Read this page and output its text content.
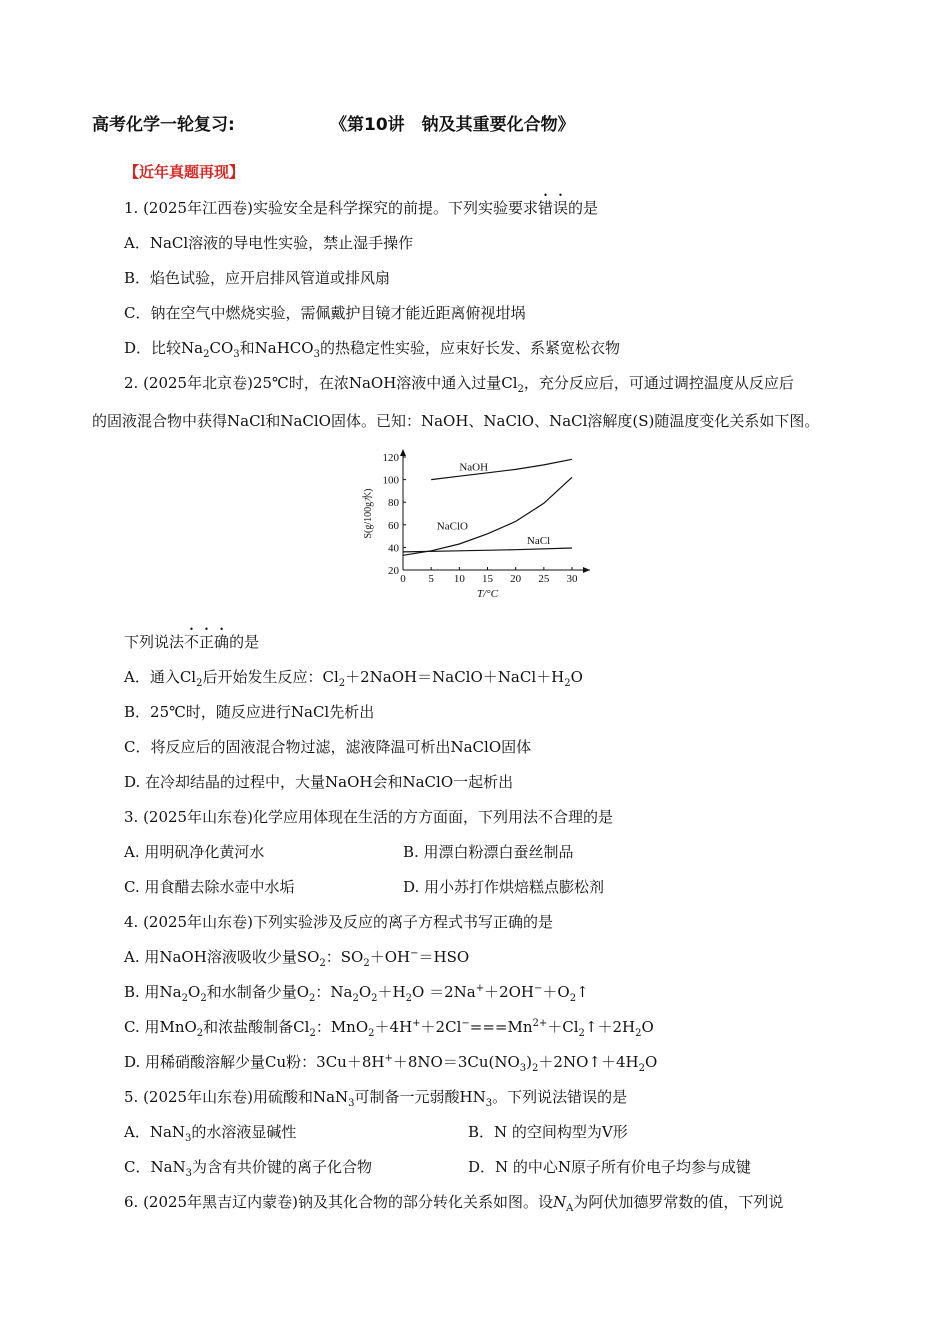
高考化学一轮复习:	《第10讲　钠及其重要化合物》
【近年真题再现】
1. (2025年江西卷)实验安全是科学探究的前提。下列实验要求错误的是
A．NaCl溶液的导电性实验，禁止湿手操作
B．焰色试验，应开启排风管道或排风扇
C．钠在空气中燃烧实验，需佩戴护目镜才能近距离俯视坩埚
D．比较$Na_2CO_3$和NaHCO$_3$的热稳定性实验，应束好长发、系紧宽松衣物
2. (2025年北京卷)25℃时，在浓NaOH溶液中通入过量$Cl_2$，充分反应后，可通过调控温度从反应后
的固液混合物中获得NaCl和NaClO固体。已知：NaOH、NaClO、NaCl溶解度(S)随温度变化关系如下图。
0 5 10 15 20 25 30
20
40
60
80
100
120
T/°C
S(g/100g水)
NaOH
NaClO
NaCl
下列说法不正确的是
A．通入$Cl_2$后开始发生反应：$Cl_2+2NaOH=NaClO+NaCl+H_2O$
B．25℃时，随反应进行NaCl先析出
C．将反应后的固液混合物过滤，滤液降温可析出NaClO固体
D. 在冷却结晶的过程中，大量NaOH会和NaClO一起析出
3. (2025年山东卷)化学应用体现在生活的方方面面，下列用法不合理的是
A. 用明矾净化黄河水	B. 用漂白粉漂白蚕丝制品
C. 用食醋去除水壶中水垢	D. 用小苏打作烘焙糕点膨松剂
4. (2025年山东卷)下列实验涉及反应的离子方程式书写正确的是
A. 用NaOH溶液吸收少量$SO_2$：$SO_2+OH^-=HSO$
B. 用$Na_2O_2$和水制备少量$O_2$：$Na_2O_2+H_2O$ $=2Na^++2OH^-+O_2↑$
C. 用MnO$_2$和浓盐酸制备$Cl_2$：$MnO_2+4H^++2Cl^-===Mn^{2+}+Cl_2↑+2H_2O$
D. 用稀硝酸溶解少量Cu粉：$3Cu+8H^++8NO=3Cu(NO_3)_2+2NO↑+4H_2O$
5. (2025年山东卷)用硫酸和NaN$_3$可制备一元弱酸$HN_3$。下列说法错误的是
A．NaN$_3$的水溶液显碱性	B．N 的空间构型为V形
C．NaN$_3$为含有共价键的离子化合物	D．N 的中心N原子所有价电子均参与成键
6. (2025年黑吉辽内蒙卷)钠及其化合物的部分转化关系如图。设$N_A$为阿伏加德罗常数的值，下列说
